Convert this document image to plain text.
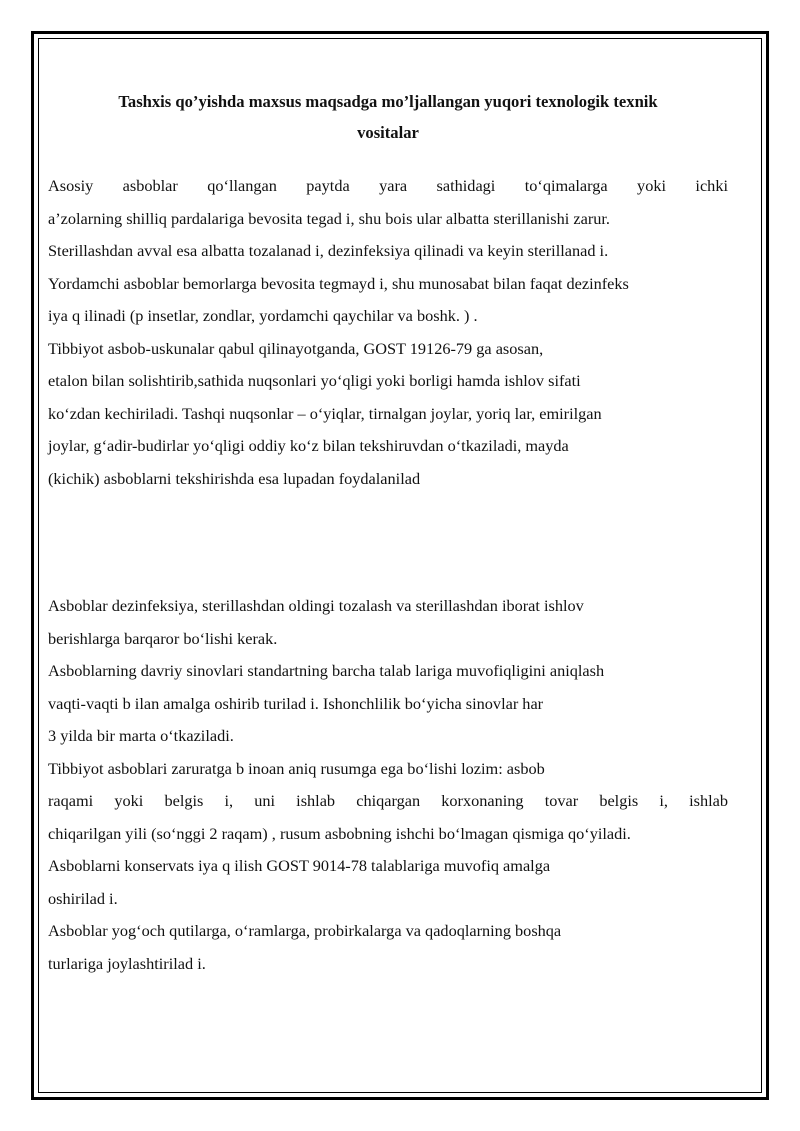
Tashxis qo’yishda maxsus maqsadga mo’ljallangan yuqori texnologik texnik
vositalar
Asosiy asboblar qo‘llangan paytda yara sathidagi to‘qimalarga yoki ichki
a’zolarning shilliq pardalariga bevosita tegad i, shu bois ular albatta sterillanishi zarur.
Sterillashdan avval esa albatta tozalanad i, dezinfeksiya qilinadi va keyin sterillanad i.
Yordamchi asboblar bemorlarga bevosita tegmayd i, shu munosabat bilan faqat dezinfeks
iya q ilinadi (p insetlar, zondlar, yordamchi qaychilar va boshk. ) .
Tibbiyot asbob-uskunalar qabul qilinayotganda, GOST 19126-79 ga asosan,
etalon bilan solishtirib,sathida nuqsonlari yo‘qligi yoki borligi hamda ishlov sifati
ko‘zdan kechiriladi. Tashqi nuqsonlar – o‘yiqlar, tirnalgan joylar, yoriq lar, emirilgan
joylar, g‘adir-budirlar yo‘qligi oddiy ko‘z bilan tekshiruvdan o‘tkaziladi, mayda
(kichik) asboblarni tekshirishda esa lupadan foydalanilad
Asboblar dezinfeksiya, sterillashdan oldingi tozalash va sterillashdan iborat ishlov
berishlarga barqaror bo‘lishi kerak.
Asboblarning davriy sinovlari standartning barcha talab lariga muvofiqligini aniqlash
vaqti-vaqti b ilan amalga oshirib turilad i. Ishonchlilik bo‘yicha sinovlar har
3 yilda bir marta o‘tkaziladi.
Tibbiyot asboblari zaruratga b inoan aniq rusumga ega bo‘lishi lozim: asbob
raqami yoki belgis i, uni ishlab chiqargan korxonaning tovar belgis i, ishlab
chiqarilgan yili (so‘nggi 2 raqam) , rusum asbobning ishchi bo‘lmagan qismiga qo‘yiladi.
Asboblarni konservats iya q ilish GOST 9014-78 talablariga muvofiq amalga
oshirilad i.
Asboblar yog‘och qutilarga, o‘ramlarga, probirkalarga va qadoqlarning boshqa
turlariga joylashtirilad i.
